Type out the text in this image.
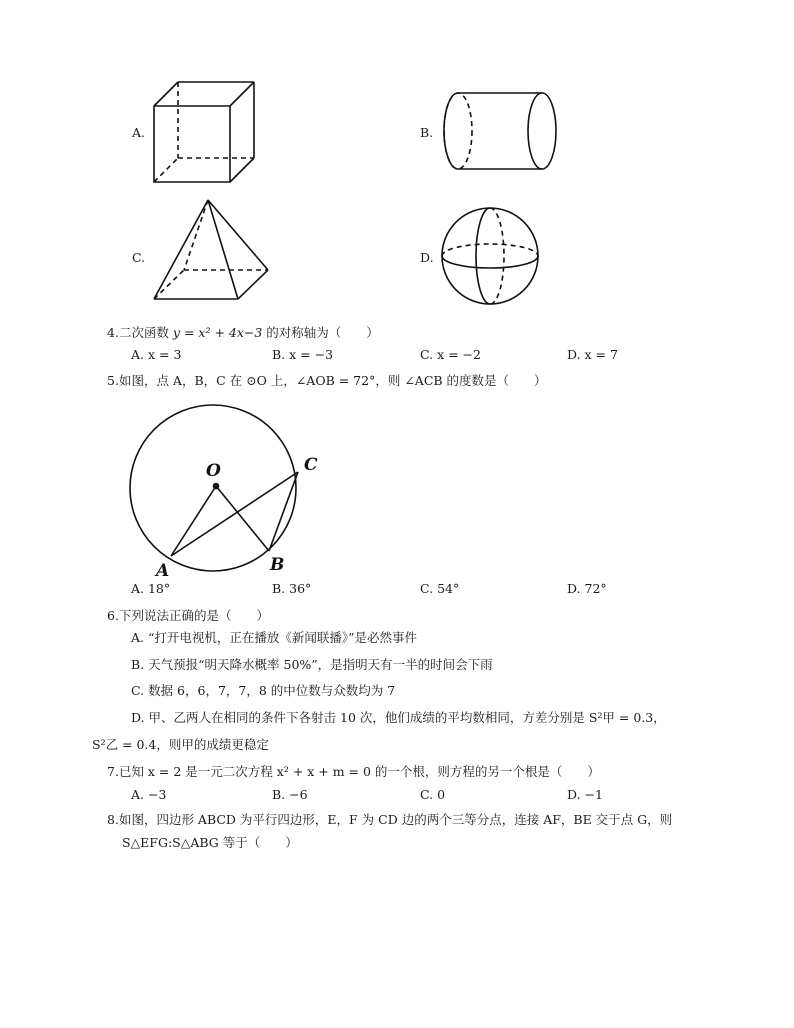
A.	B.
C.	D.
4.二次函数 y = x² + 4x−3 的对称轴为（　　）
A. x = 3	B. x = −3	C. x = −2	D. x = 7
5.如图，点 A，B，C 在 ⊙O 上，∠AOB = 72°，则 ∠ACB 的度数是（　　）
O	C
A	B
A. 18°	B. 36°	C. 54°	D. 72°
6.下列说法正确的是（　　）
A. “打开电视机，正在播放《新闻联播》”是必然事件
B. 天气预报“明天降水概率 50%”，是指明天有一半的时间会下雨
C. 数据 6，6，7，7，8 的中位数与众数均为 7
D. 甲、乙两人在相同的条件下各射击 10 次，他们成绩的平均数相同，方差分别是 S²甲 = 0.3，
S²乙 = 0.4，则甲的成绩更稳定
7.已知 x = 2 是一元二次方程 x² + x + m = 0 的一个根，则方程的另一个根是（　　）
A. −3	B. −6	C. 0	D. −1
8.如图，四边形 ABCD 为平行四边形，E，F 为 CD 边的两个三等分点，连接 AF，BE 交于点 G，则
S△EFG:S△ABG 等于（　　）
